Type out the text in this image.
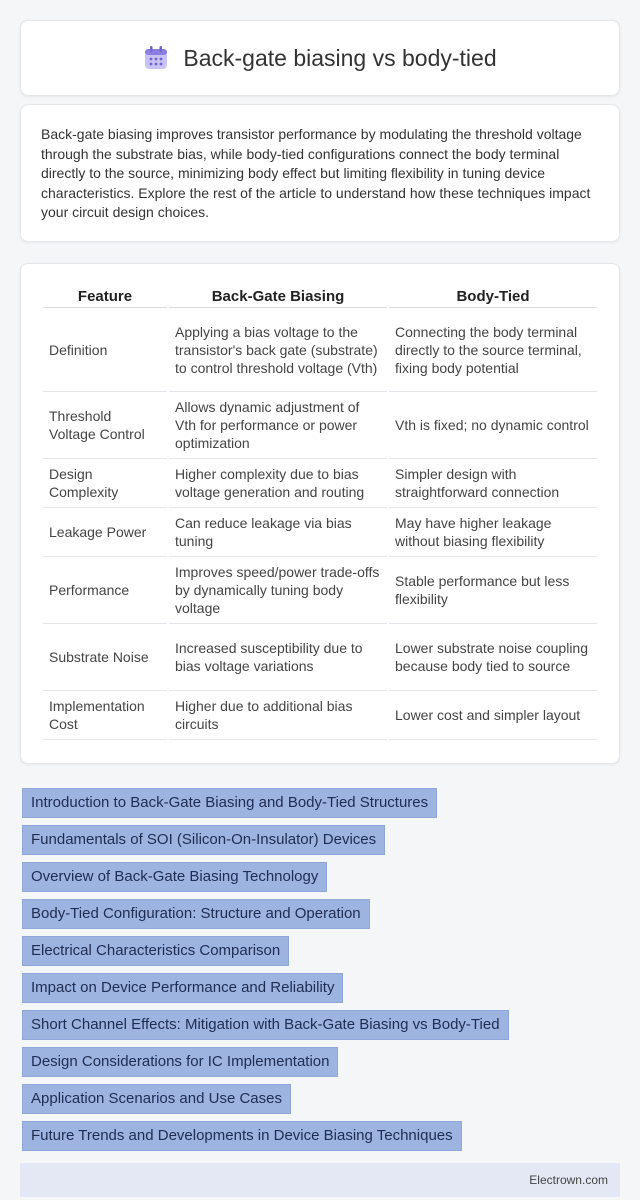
Back-gate biasing vs body-tied

Back-gate biasing improves transistor performance by modulating the threshold voltage through the substrate bias, while body-tied configurations connect the body terminal directly to the source, minimizing body effect but limiting flexibility in tuning device characteristics. Explore the rest of the article to understand how these techniques impact your circuit design choices.

Feature	Back-Gate Biasing	Body-Tied
Definition	Applying a bias voltage to the transistor's back gate (substrate) to control threshold voltage (Vth)	Connecting the body terminal directly to the source terminal, fixing body potential
Threshold Voltage Control	Allows dynamic adjustment of Vth for performance or power optimization	Vth is fixed; no dynamic control
Design Complexity	Higher complexity due to bias voltage generation and routing	Simpler design with straightforward connection
Leakage Power	Can reduce leakage via bias tuning	May have higher leakage without biasing flexibility
Performance	Improves speed/power trade-offs by dynamically tuning body voltage	Stable performance but less flexibility
Substrate Noise	Increased susceptibility due to bias voltage variations	Lower substrate noise coupling because body tied to source
Implementation Cost	Higher due to additional bias circuits	Lower cost and simpler layout
Introduction to Back-Gate Biasing and Body-Tied Structures
Fundamentals of SOI (Silicon-On-Insulator) Devices
Overview of Back-Gate Biasing Technology
Body-Tied Configuration: Structure and Operation
Electrical Characteristics Comparison
Impact on Device Performance and Reliability
Short Channel Effects: Mitigation with Back-Gate Biasing vs Body-Tied
Design Considerations for IC Implementation
Application Scenarios and Use Cases
Future Trends and Developments in Device Biasing Techniques
Electrown.com
